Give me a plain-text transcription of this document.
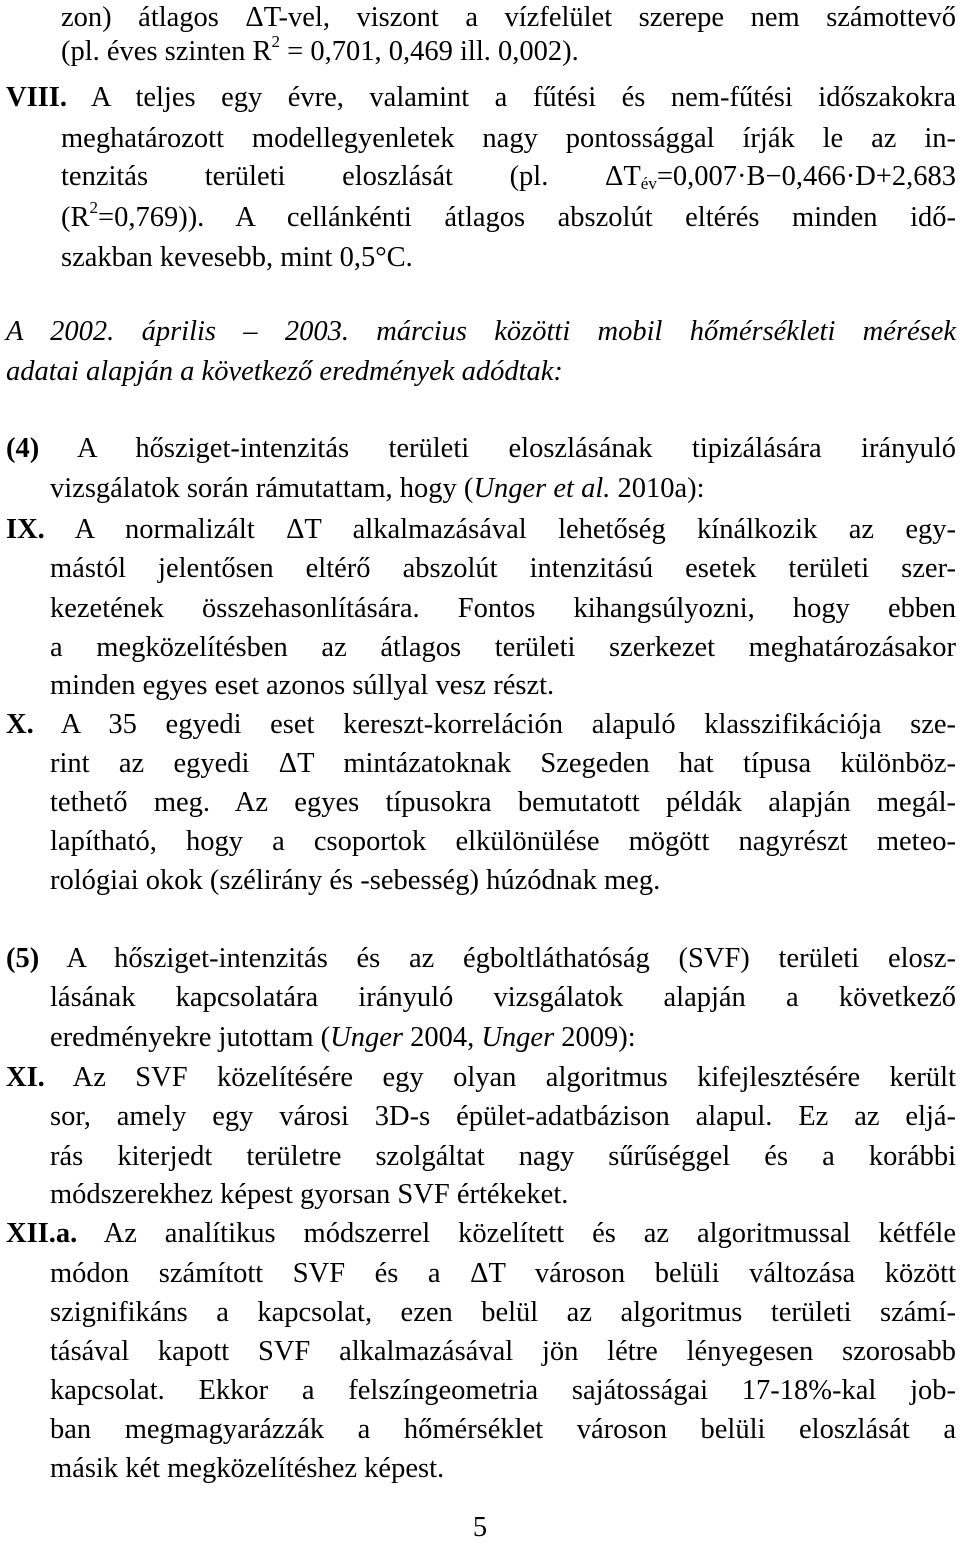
zon) átlagos ΔT-vel, viszont a vízfelület szerepe nem számottevő
(pl. éves szinten $R^2 = 0,701$, 0,469 ill. 0,002).
VIII. A teljes egy évre, valamint a fűtési és nem-fűtési időszakokra
meghatározott modellegyenletek nagy pontossággal írják le az in-
tenzitás területi eloszlását (pl. $\Delta T_{év}=0,007\cdot B-0,466\cdot D+2,683$
$(R^2=0,769)$). A cellánkénti átlagos abszolút eltérés minden idő-
szakban kevesebb, mint 0,5°C.
A 2002. április – 2003. március közötti mobil hőmérsékleti mérések
adatai alapján a következő eredmények adódtak:
(4) A hősziget-intenzitás területi eloszlásának tipizálására irányuló
vizsgálatok során rámutattam, hogy (Unger et al. 2010a):
IX. A normalizált ΔT alkalmazásával lehetőség kínálkozik az egy-
mástól jelentősen eltérő abszolút intenzitású esetek területi szer-
kezetének összehasonlítására. Fontos kihangsúlyozni, hogy ebben
a megközelítésben az átlagos területi szerkezet meghatározásakor
minden egyes eset azonos súllyal vesz részt.
X. A 35 egyedi eset kereszt-korreláción alapuló klasszifikációja sze-
rint az egyedi ΔT mintázatoknak Szegeden hat típusa különböz-
tethető meg. Az egyes típusokra bemutatott példák alapján megál-
lapítható, hogy a csoportok elkülönülése mögött nagyrészt meteo-
rológiai okok (szélirány és -sebesség) húzódnak meg.
(5) A hősziget-intenzitás és az égboltláthatóság (SVF) területi elosz-
lásának kapcsolatára irányuló vizsgálatok alapján a következő
eredményekre jutottam (Unger 2004, Unger 2009):
XI. Az SVF közelítésére egy olyan algoritmus kifejlesztésére került
sor, amely egy városi 3D-s épület-adatbázison alapul. Ez az eljá-
rás kiterjedt területre szolgáltat nagy sűrűséggel és a korábbi
módszerekhez képest gyorsan SVF értékeket.
XII.a. Az analítikus módszerrel közelített és az algoritmussal kétféle
módon számított SVF és a ΔT városon belüli változása között
szignifikáns a kapcsolat, ezen belül az algoritmus területi számí-
tásával kapott SVF alkalmazásával jön létre lényegesen szorosabb
kapcsolat. Ekkor a felszíngeometria sajátosságai 17-18%-kal job-
ban megmagyarázzák a hőmérséklet városon belüli eloszlását a
másik két megközelítéshez képest.
5
